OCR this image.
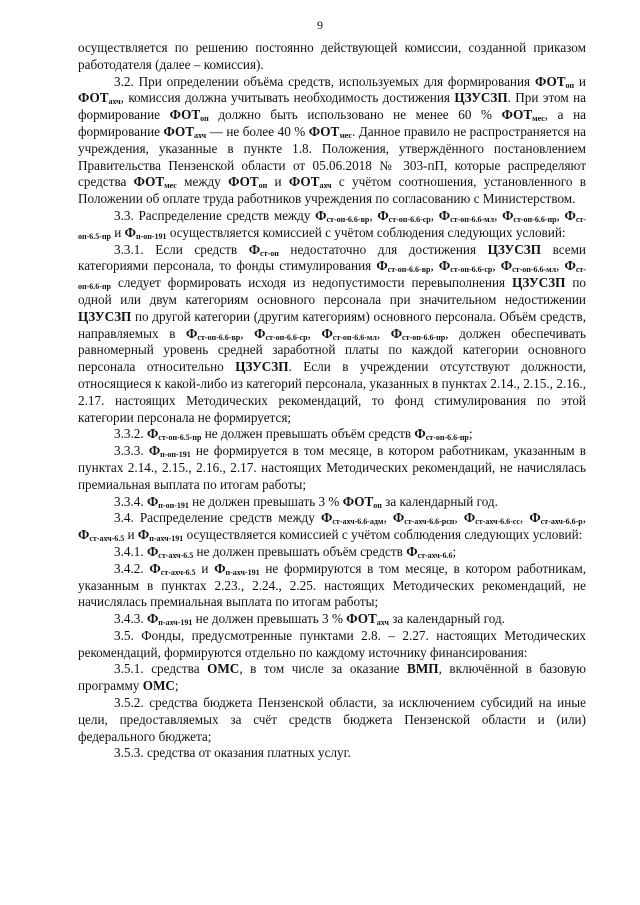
9

осуществляется по решению постоянно действующей комиссии, созданной приказом работодателя (далее – комиссия).

3.2. При определении объёма средств, используемых для формирования $ФОТ_{оп}$ и $ФОТ_{ахч}$, комиссия должна учитывать необходимость достижения ЦЗУСЗП. При этом на формирование $ФОТ_{оп}$ должно быть использовано не менее 60 % $ФОТ_{мес}$, а на формирование $ФОТ_{ахч}$ — не более 40 % $ФОТ_{мес}$. Данное правило не распространяется на учреждения, указанные в пункте 1.8. Положения, утверждённого постановлением Правительства Пензенской области от 05.06.2018 № 303-пП, которые распределяют средства $ФОТ_{мес}$ между $ФОТ_{оп}$ и $ФОТ_{ахч}$ с учётом соотношения, установленного в Положении об оплате труда работников учреждения по согласованию с Министерством.

3.3. Распределение средств между $Ф_{ст-оп-6.6-вр}$, $Ф_{ст-оп-6.6-ср}$, $Ф_{ст-оп-6.6-мл}$, $Ф_{ст-оп-6.6-пр}$, $Ф_{ст-оп-6.5-пр}$ и $Ф_{п-оп-191}$ осуществляется комиссией с учётом соблюдения следующих условий:

3.3.1. Если средств $Ф_{ст-оп}$ недостаточно для достижения ЦЗУСЗП всеми категориями персонала, то фонды стимулирования $Ф_{ст-оп-6.6-вр}$, $Ф_{ст-оп-6.6-ср}$, $Ф_{ст-оп-6.6-мл}$, $Ф_{ст-оп-6.6-пр}$ следует формировать исходя из недопустимости перевыполнения ЦЗУСЗП по одной или двум категориям основного персонала при значительном недостижении ЦЗУСЗП по другой категории (другим категориям) основного персонала. Объём средств, направляемых в $Ф_{ст-оп-6.6-вр}$, $Ф_{ст-оп-6.6-ср}$, $Ф_{ст-оп-6.6-мл}$, $Ф_{ст-оп-6.6-пр}$, должен обеспечивать равномерный уровень средней заработной платы по каждой категории основного персонала относительно ЦЗУСЗП. Если в учреждении отсутствуют должности, относящиеся к какой-либо из категорий персонала, указанных в пунктах 2.14., 2.15., 2.16., 2.17. настоящих Методических рекомендаций, то фонд стимулирования по этой категории персонала не формируется;

3.3.2. $Ф_{ст-оп-6.5-пр}$ не должен превышать объём средств $Ф_{ст-оп-6.6-пр}$;

3.3.3. $Ф_{п-оп-191}$ не формируется в том месяце, в котором работникам, указанным в пунктах 2.14., 2.15., 2.16., 2.17. настоящих Методических рекомендаций, не начислялась премиальная выплата по итогам работы;

3.3.4. $Ф_{п-оп-191}$ не должен превышать 3 % $ФОТ_{оп}$ за календарный год.

3.4. Распределение средств между $Ф_{ст-ахч-6.6-адм}$, $Ф_{ст-ахч-6.6-рсп}$, $Ф_{ст-ахч-6.6-сс}$, $Ф_{ст-ахч-6.6-р}$, $Ф_{ст-ахч-6.5}$ и $Ф_{п-ахч-191}$ осуществляется комиссией с учётом соблюдения следующих условий:

3.4.1. $Ф_{ст-ахч-6.5}$ не должен превышать объём средств $Ф_{ст-ахч-6.6}$;

3.4.2. $Ф_{ст-ахч-6.5}$ и $Ф_{п-ахч-191}$ не формируются в том месяце, в котором работникам, указанным в пунктах 2.23., 2.24., 2.25. настоящих Методических рекомендаций, не начислялась премиальная выплата по итогам работы;

3.4.3. $Ф_{п-ахч-191}$ не должен превышать 3 % $ФОТ_{ахч}$ за календарный год.

3.5. Фонды, предусмотренные пунктами 2.8. – 2.27. настоящих Методических рекомендаций, формируются отдельно по каждому источнику финансирования:

3.5.1. средства ОМС, в том числе за оказание ВМП, включённой в базовую программу ОМС;

3.5.2. средства бюджета Пензенской области, за исключением субсидий на иные цели, предоставляемых за счёт средств бюджета Пензенской области и (или) федерального бюджета;

3.5.3. средства от оказания платных услуг.
